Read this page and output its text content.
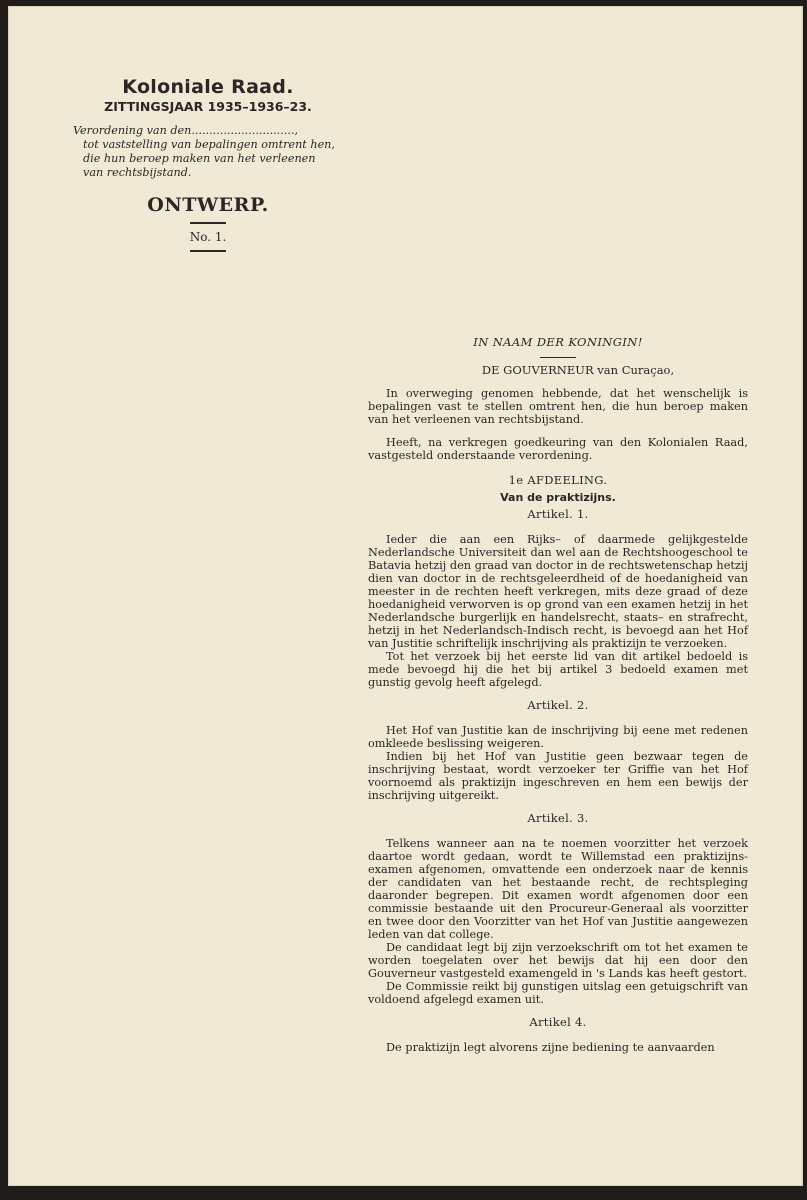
Koloniale Raad.
ZITTINGSJAAR 1935–1936–23.
Verordening van den.............................,
tot vaststelling van bepalingen omtrent hen,
die hun beroep maken van het verleenen
van rechtsbijstand.
ONTWERP.
No. 1.
IN NAAM DER KONINGIN!
DE GOUVERNEUR van Curaçao,

In overweging genomen hebbende, dat het wenschelijk is bepalingen vast te stellen omtrent hen, die hun beroep maken van het verleenen van rechtsbijstand.

Heeft, na verkregen goedkeuring van den Kolonialen Raad, vastgesteld onderstaande verordening.

1e AFDEELING.
Van de praktizijns.
Artikel. 1.

Ieder die aan een Rijks– of daarmede gelijkgestelde Nederlandsche Universiteit dan wel aan de Rechtshoogeschool te Batavia hetzij den graad van doctor in de rechtswetenschap hetzij dien van doctor in de rechtsgeleerdheid of de hoedanigheid van meester in de rechten heeft verkregen, mits deze graad of deze hoedanigheid verworven is op grond van een examen hetzij in het Nederlandsche burgerlijk en handelsrecht, staats– en strafrecht, hetzij in het Nederlandsch-Indisch recht, is bevoegd aan het Hof van Justitie schriftelijk inschrijving als praktizijn te verzoeken.

Tot het verzoek bij het eerste lid van dit artikel bedoeld is mede bevoegd hij die het bij artikel 3 bedoeld examen met gunstig gevolg heeft afgelegd.

Artikel. 2.

Het Hof van Justitie kan de inschrijving bij eene met redenen omkleede beslissing weigeren.

Indien bij het Hof van Justitie geen bezwaar tegen de inschrijving bestaat, wordt verzoeker ter Griffie van het Hof voornoemd als praktizijn ingeschreven en hem een bewijs der inschrijving uitgereikt.

Artikel. 3.

Telkens wanneer aan na te noemen voorzitter het verzoek daartoe wordt gedaan, wordt te Willemstad een praktizijns-examen afgenomen, omvattende een onderzoek naar de kennis der candidaten van het bestaande recht, de rechtspleging daaronder begrepen. Dit examen wordt afgenomen door een commissie bestaande uit den Procureur-Generaal als voorzitter en twee door den Voorzitter van het Hof van Justitie aangewezen leden van dat college.

De candidaat legt bij zijn verzoekschrift om tot het examen te worden toegelaten over het bewijs dat hij een door den Gouverneur vastgesteld examengeld in 's Lands kas heeft gestort.

De Commissie reikt bij gunstigen uitslag een getuigschrift van voldoend afgelegd examen uit.

Artikel 4.

De praktizijn legt alvorens zijne bediening te aanvaarden
